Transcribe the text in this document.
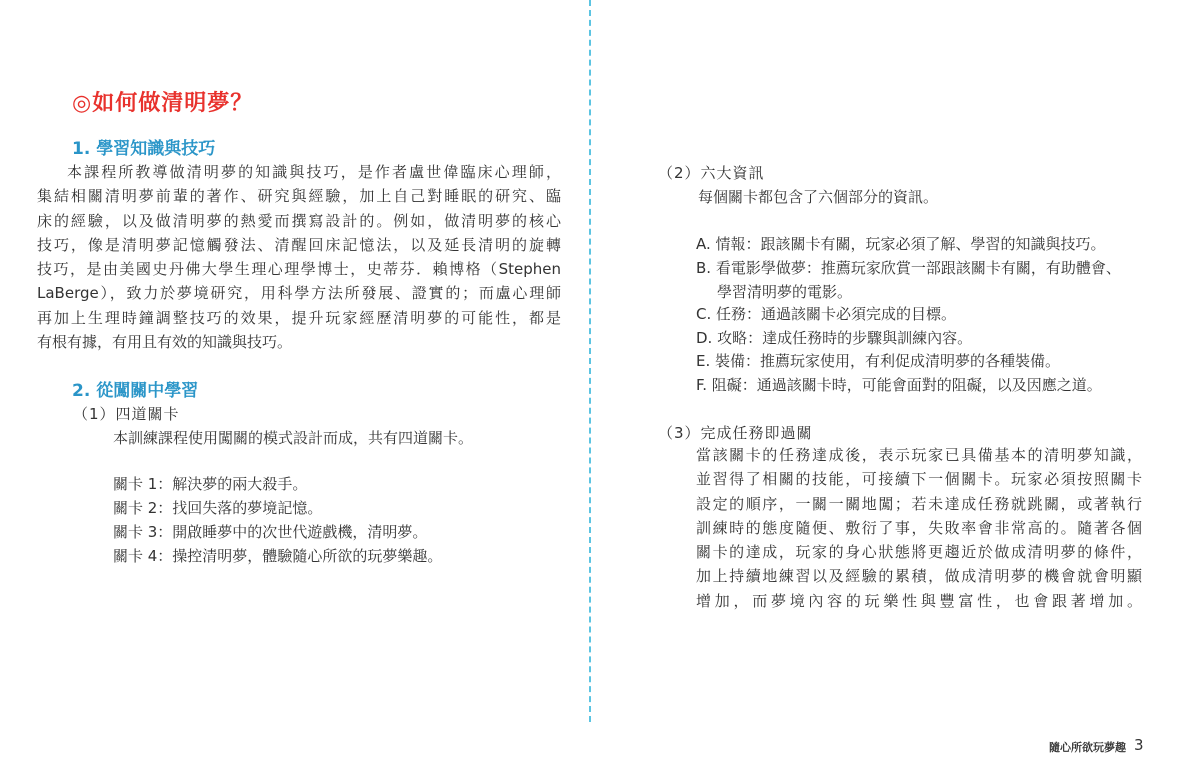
◎如何做清明夢？
1. 學習知識與技巧
本課程所教導做清明夢的知識與技巧，是作者盧世偉臨床心理師，
集結相關清明夢前輩的著作、研究與經驗，加上自己對睡眠的研究、臨
床的經驗，以及做清明夢的熱愛而撰寫設計的。例如，做清明夢的核心
技巧，像是清明夢記憶觸發法、清醒回床記憶法，以及延長清明的旋轉
技巧，是由美國史丹佛大學生理心理學博士，史蒂芬．賴博格（Stephen
LaBerge），致力於夢境研究，用科學方法所發展、證實的；而盧心理師
再加上生理時鐘調整技巧的效果，提升玩家經歷清明夢的可能性，都是
有根有據，有用且有效的知識與技巧。
2. 從闖關中學習

（1）四道關卡

本訓練課程使用闖關的模式設計而成，共有四道關卡。

關卡 1：解決夢的兩大殺手。

關卡 2：找回失落的夢境記憶。

關卡 3：開啟睡夢中的次世代遊戲機，清明夢。

關卡 4：操控清明夢，體驗隨心所欲的玩夢樂趣。

（2）六大資訊

每個關卡都包含了六個部分的資訊。

A. 情報：跟該關卡有關，玩家必須了解、學習的知識與技巧。

B. 看電影學做夢：推薦玩家欣賞一部跟該關卡有關，有助體會、

學習清明夢的電影。

C. 任務：通過該關卡必須完成的目標。

D. 攻略：達成任務時的步驟與訓練內容。

E. 裝備：推薦玩家使用，有利促成清明夢的各種裝備。

F. 阻礙：通過該關卡時，可能會面對的阻礙，以及因應之道。

（3）完成任務即過關

當該關卡的任務達成後，表示玩家已具備基本的清明夢知識，
並習得了相關的技能，可接續下一個關卡。玩家必須按照關卡
設定的順序，一關一關地闖；若未達成任務就跳關，或著執行
訓練時的態度隨便、敷衍了事，失敗率會非常高的。隨著各個
關卡的達成，玩家的身心狀態將更趨近於做成清明夢的條件，
加上持續地練習以及經驗的累積，做成清明夢的機會就會明顯
增加，而夢境內容的玩樂性與豐富性，也會跟著增加。

隨心所欲玩夢趣 3
